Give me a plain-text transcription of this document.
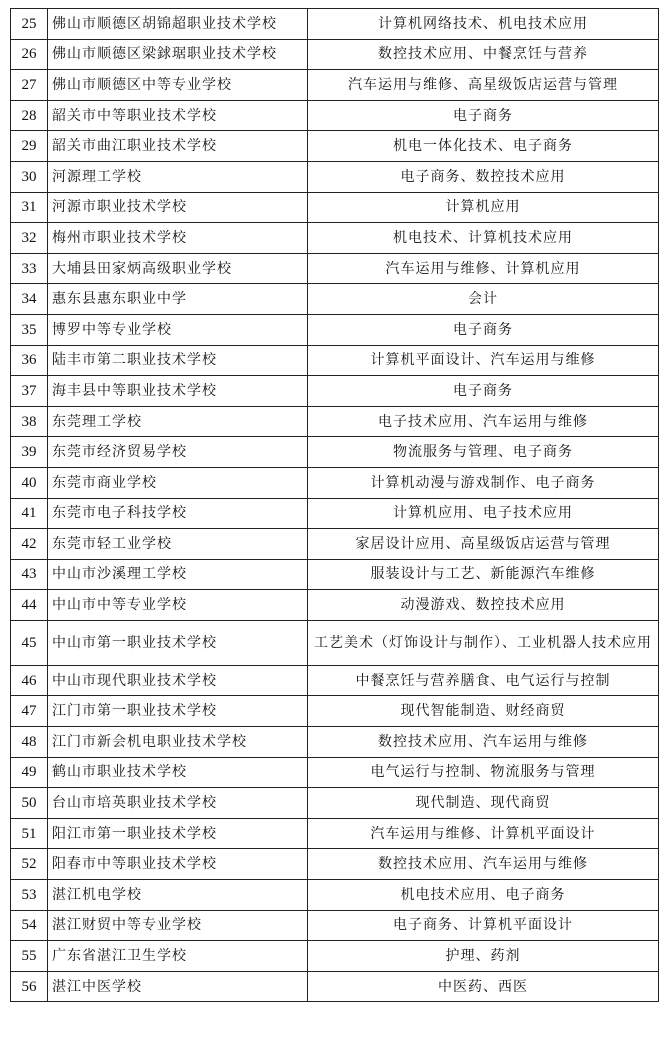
25	佛山市顺德区胡锦超职业技术学校	计算机网络技术、机电技术应用
26	佛山市顺德区梁銶琚职业技术学校	数控技术应用、中餐烹饪与营养
27	佛山市顺德区中等专业学校	汽车运用与维修、高星级饭店运营与管理
28	韶关市中等职业技术学校	电子商务
29	韶关市曲江职业技术学校	机电一体化技术、电子商务
30	河源理工学校	电子商务、数控技术应用
31	河源市职业技术学校	计算机应用
32	梅州市职业技术学校	机电技术、计算机技术应用
33	大埔县田家炳高级职业学校	汽车运用与维修、计算机应用
34	惠东县惠东职业中学	会计
35	博罗中等专业学校	电子商务
36	陆丰市第二职业技术学校	计算机平面设计、汽车运用与维修
37	海丰县中等职业技术学校	电子商务
38	东莞理工学校	电子技术应用、汽车运用与维修
39	东莞市经济贸易学校	物流服务与管理、电子商务
40	东莞市商业学校	计算机动漫与游戏制作、电子商务
41	东莞市电子科技学校	计算机应用、电子技术应用
42	东莞市轻工业学校	家居设计应用、高星级饭店运营与管理
43	中山市沙溪理工学校	服装设计与工艺、新能源汽车维修
44	中山市中等专业学校	动漫游戏、数控技术应用
45	中山市第一职业技术学校	工艺美术（灯饰设计与制作）、工业机器人技术应用
46	中山市现代职业技术学校	中餐烹饪与营养膳食、电气运行与控制
47	江门市第一职业技术学校	现代智能制造、财经商贸
48	江门市新会机电职业技术学校	数控技术应用、汽车运用与维修
49	鹤山市职业技术学校	电气运行与控制、物流服务与管理
50	台山市培英职业技术学校	现代制造、现代商贸
51	阳江市第一职业技术学校	汽车运用与维修、计算机平面设计
52	阳春市中等职业技术学校	数控技术应用、汽车运用与维修
53	湛江机电学校	机电技术应用、电子商务
54	湛江财贸中等专业学校	电子商务、计算机平面设计
55	广东省湛江卫生学校	护理、药剂
56	湛江中医学校	中医药、西医
